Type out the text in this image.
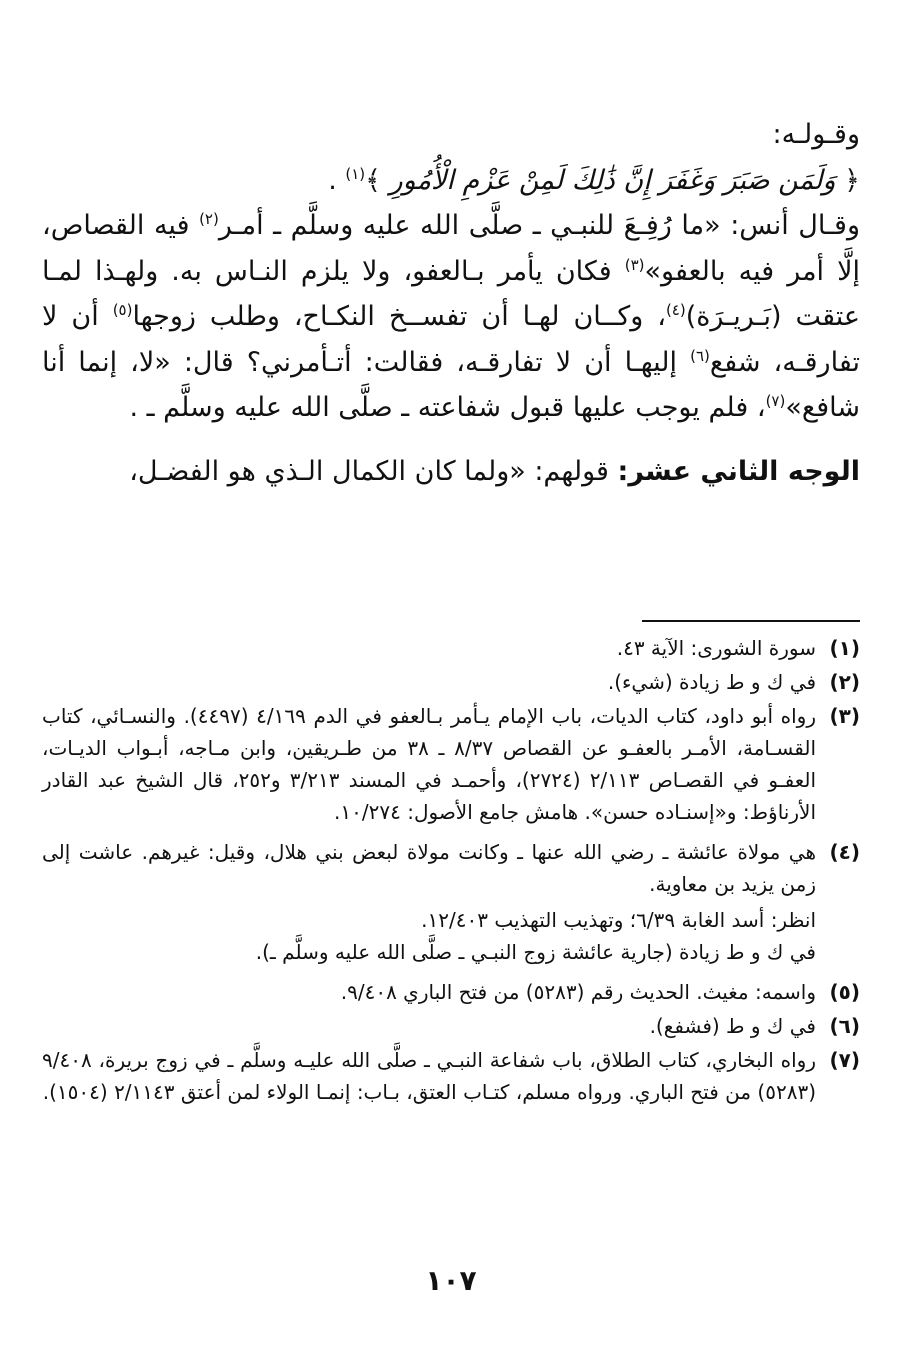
وقـولـه:

﴿ وَلَمَن صَبَرَ وَغَفَرَ إِنَّ ذَٰلِكَ لَمِنْ عَزْمِ الْأُمُورِ ﴾$^{(١)}$ .

وقـال أنس: «ما رُفِـعَ للنبـي ـ صلَّى الله عليه وسلَّم ـ أمـر$^{(٢)}$ فيه القصاص، إلَّا أمر فيه بالعفو»$^{(٣)}$ فكان يأمر بـالعفو، ولا يلزم النـاس به. ولهـذا لمـا عتقت (بَـريـرَة)$^{(٤)}$، وكــان لهـا أن تفســخ النكـاح، وطلب زوجها$^{(٥)}$ أن لا تفارقـه، شفع$^{(٦)}$ إليهـا أن لا تفارقـه، فقالت: أتـأمرني؟ قال: «لا، إنما أنا شافع»$^{(٧)}$، فلم يوجب عليها قبول شفاعته ـ صلَّى الله عليه وسلَّم ـ .

الوجه الثاني عشر: قولهم: «ولما كان الكمال الـذي هو الفضـل،

(١)
سورة الشورى: الآية ٤٣.
(٢)
في ك و ط زيادة (شيء).
(٣)
رواه أبو داود، كتاب الديات، باب الإمام يـأمر بـالعفو في الدم ٤/١٦٩ (٤٤٩٧). والنسـائي، كتاب القسـامة، الأمـر بالعفـو عن القصاص ٨/٣٧ ـ ٣٨ من طـريقين، وابن مـاجه، أبـواب الديـات، العفـو في القصـاص ٢/١١٣ (٢٧٢٤)، وأحمـد في المسند ٣/٢١٣ و٢٥٢، قال الشيخ عبد القادر الأرناؤط: و«إسنـاده حسن». هامش جامع الأصول: ١٠/٢٧٤.
(٤)
هي مولاة عائشة ـ رضي الله عنها ـ وكانت مولاة لبعض بني هلال، وقيل: غيرهم. عاشت إلى زمن يزيد بن معاوية.
انظر: أسد الغابة ٦/٣٩؛ وتهذيب التهذيب ١٢/٤٠٣.
في ك و ط زيادة (جارية عائشة زوج النبـي ـ صلَّى الله عليه وسلَّم ـ).
(٥)
واسمه: مغيث. الحديث رقم (٥٢٨٣) من فتح الباري ٩/٤٠٨.
(٦)
في ك و ط (فشفع).
(٧)
رواه البخاري، كتاب الطلاق، باب شفاعة النبـي ـ صلَّى الله عليـه وسلَّم ـ في زوج بريرة، ٩/٤٠٨ (٥٢٨٣) من فتح الباري. ورواه مسلم، كتـاب العتق، بـاب: إنمـا الولاء لمن أعتق ٢/١١٤٣ (١٥٠٤).
١٠٧
